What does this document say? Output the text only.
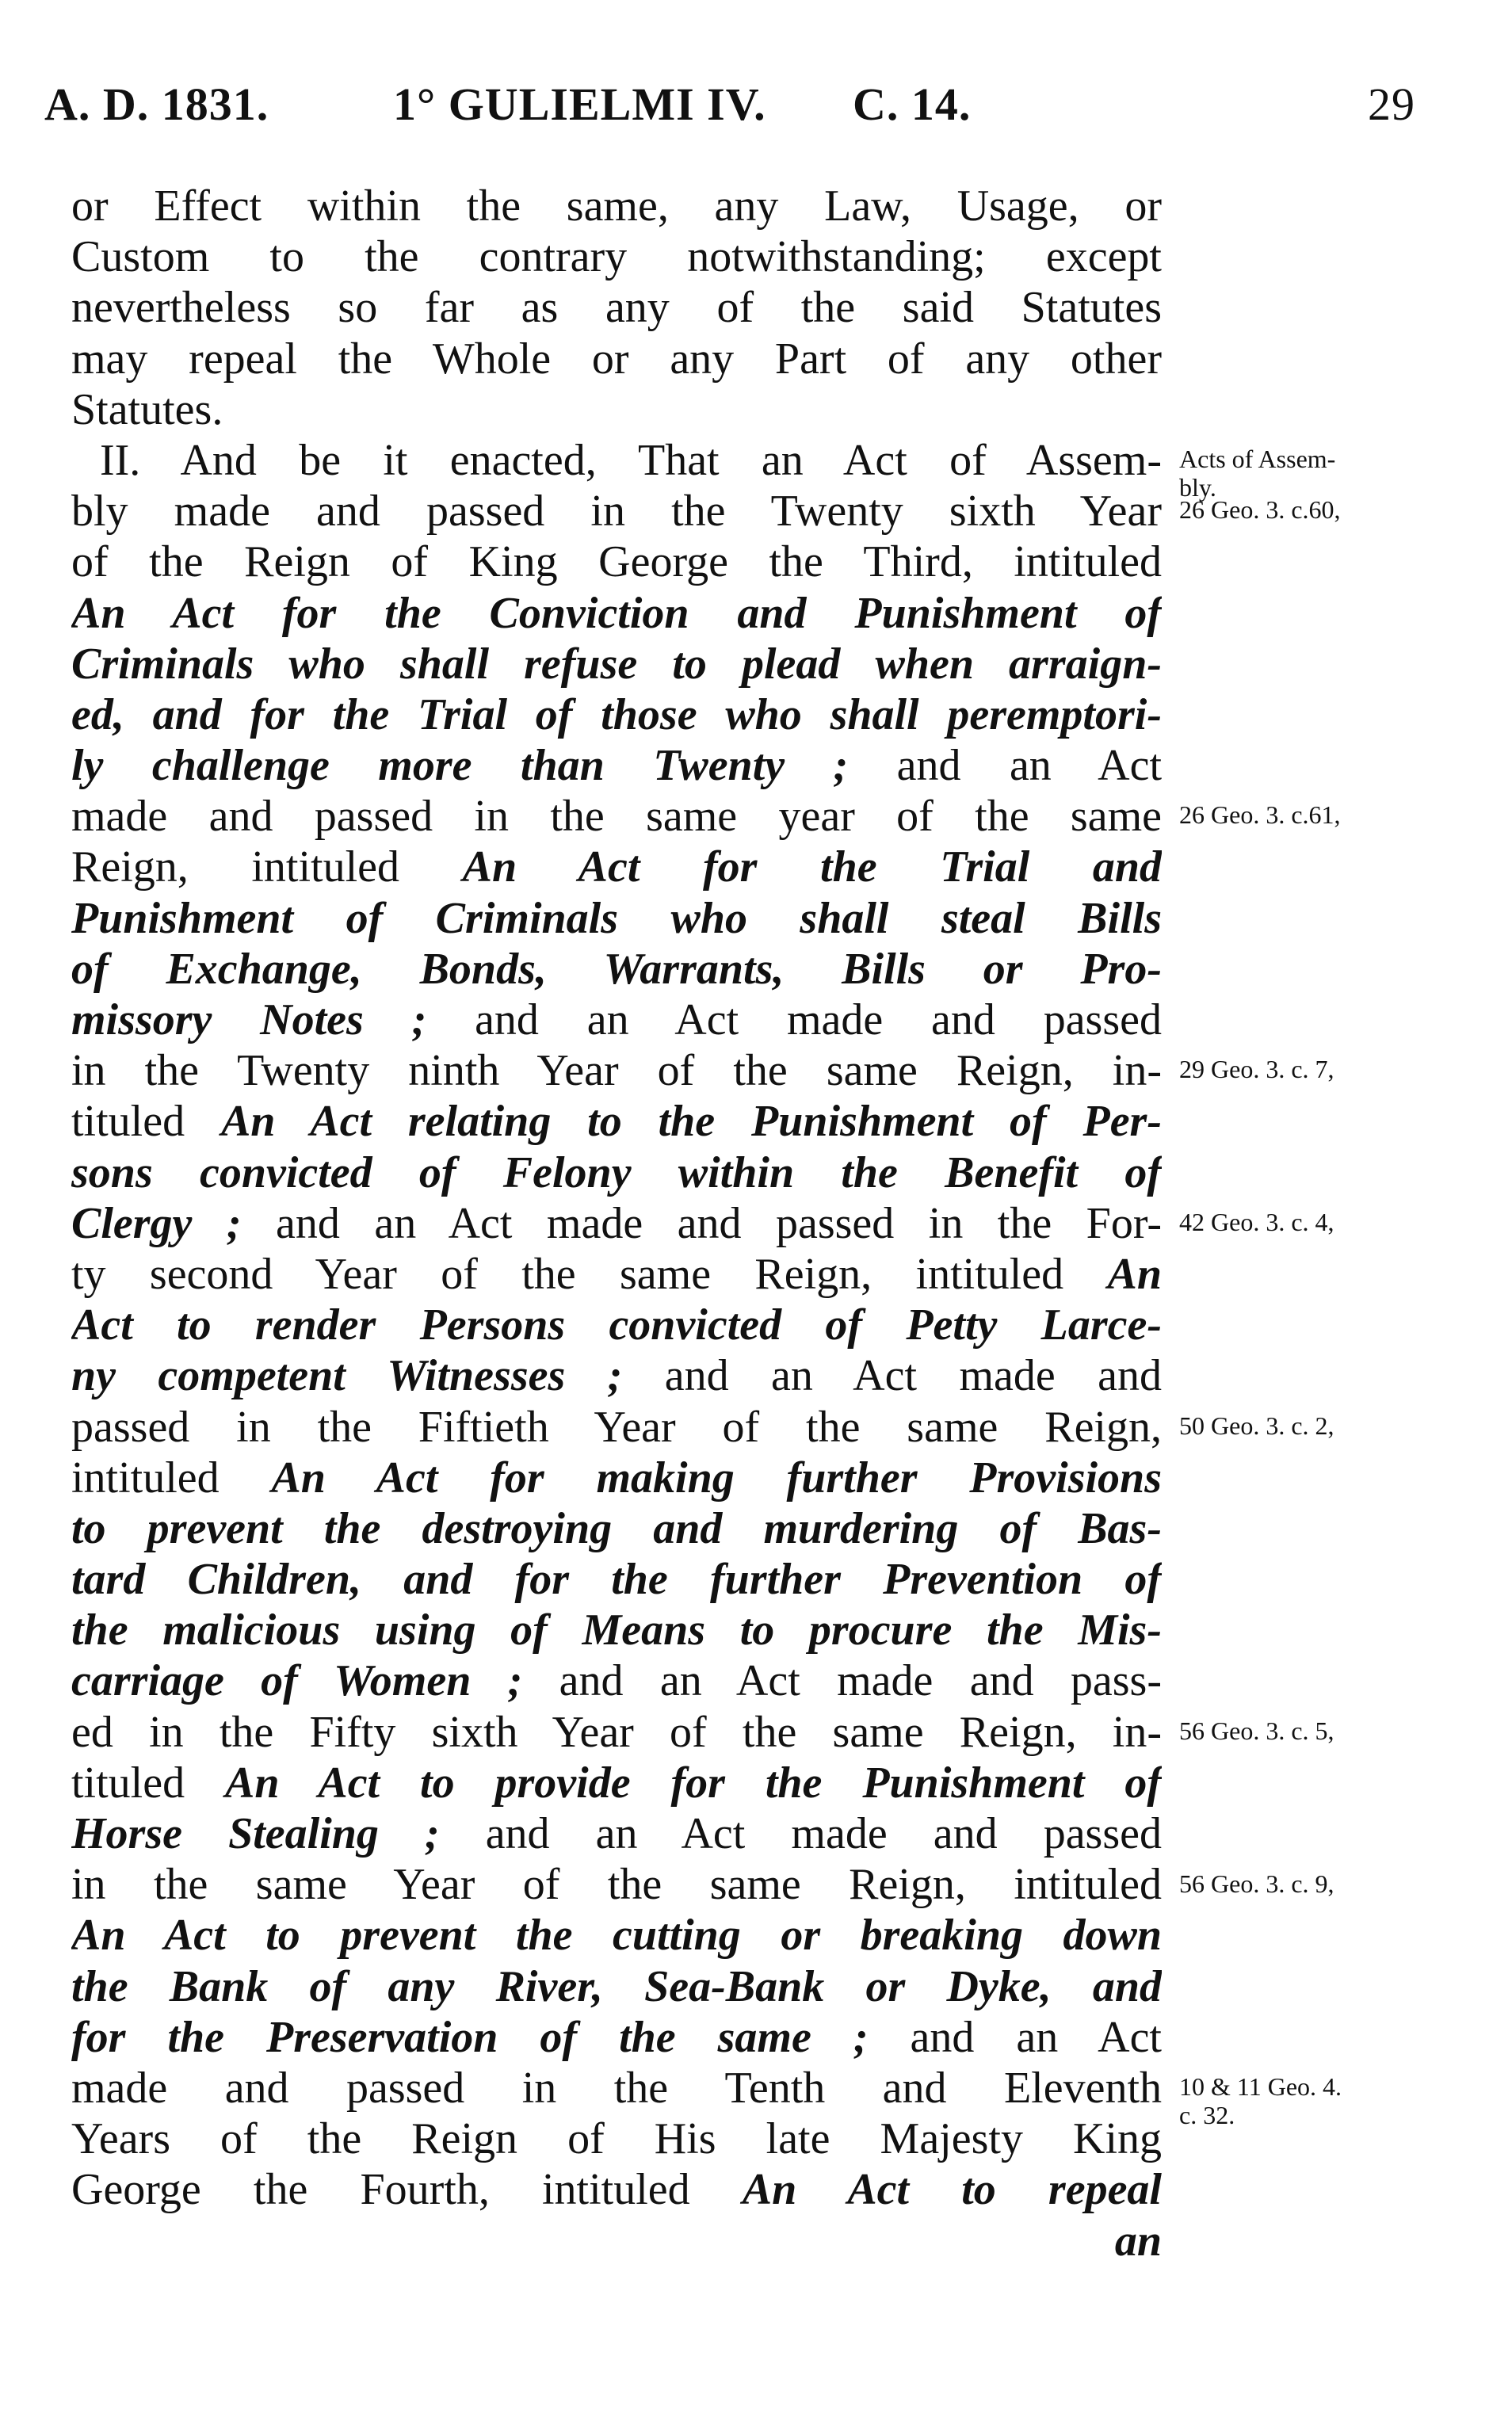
A. D. 1831.	1° GULIELMI IV. C. 14.	29
or Effect within the same, any Law, Usage, or
Custom to the contrary notwithstanding; except
nevertheless so far as any of the said Statutes
may repeal the Whole or any Part of any other
Statutes.
II. And be it enacted, That an Act of Assem-
bly made and passed in the Twenty sixth Year
of the Reign of King George the Third, intituled
An Act for the Conviction and Punishment of
Criminals who shall refuse to plead when arraign-
ed, and for the Trial of those who shall peremptori-
ly challenge more than Twenty ; and an Act
made and passed in the same year of the same
Reign, intituled An Act for the Trial and
Punishment of Criminals who shall steal Bills
of Exchange, Bonds, Warrants, Bills or Pro-
missory Notes ; and an Act made and passed
in the Twenty ninth Year of the same Reign, in-
tituled An Act relating to the Punishment of Per-
sons convicted of Felony within the Benefit of
Clergy ; and an Act made and passed in the For-
ty second Year of the same Reign, intituled An
Act to render Persons convicted of Petty Larce-
ny competent Witnesses ; and an Act made and
passed in the Fiftieth Year of the same Reign,
intituled An Act for making further Provisions
to prevent the destroying and murdering of Bas-
tard Children, and for the further Prevention of
the malicious using of Means to procure the Mis-
carriage of Women ; and an Act made and pass-
ed in the Fifty sixth Year of the same Reign, in-
tituled An Act to provide for the Punishment of
Horse Stealing ; and an Act made and passed
in the same Year of the same Reign, intituled
An Act to prevent the cutting or breaking down
the Bank of any River, Sea-Bank or Dyke, and
for the Preservation of the same ; and an Act
made and passed in the Tenth and Eleventh
Years of the Reign of His late Majesty King
George the Fourth, intituled An Act to repeal
an
Acts of Assem-
bly.
26 Geo. 3. c.60,
26 Geo. 3. c.61,
29 Geo. 3. c. 7,
42 Geo. 3. c. 4,
50 Geo. 3. c. 2,
56 Geo. 3. c. 5,
56 Geo. 3. c. 9,
10 & 11 Geo. 4.
c. 32.
